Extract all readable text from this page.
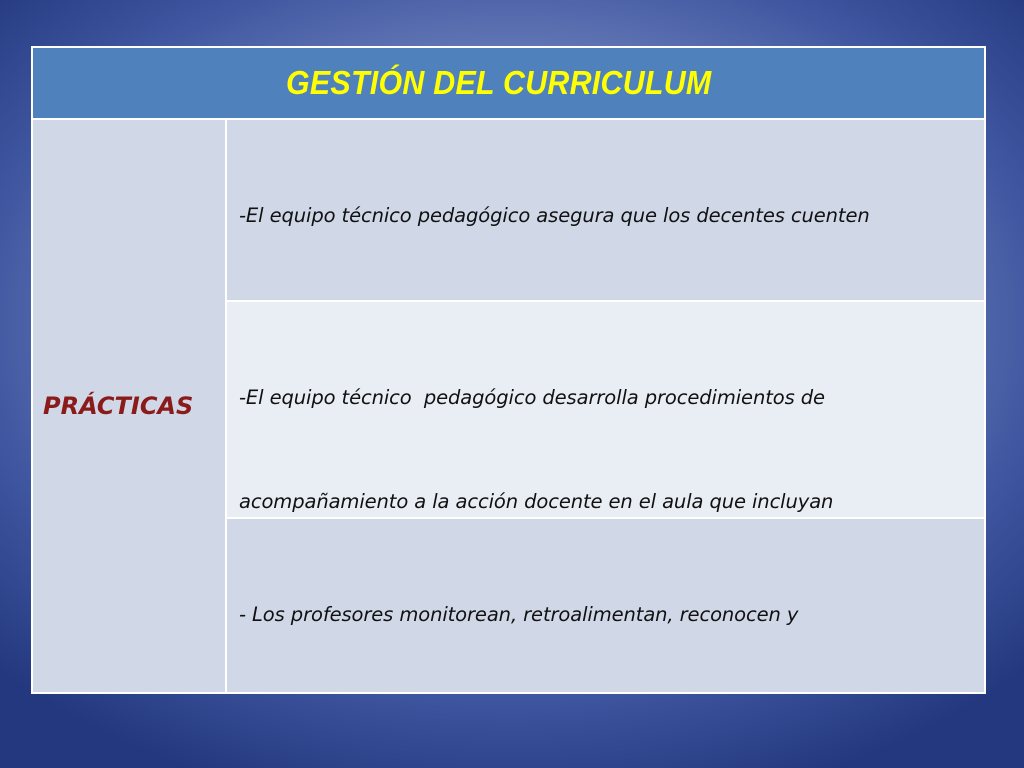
GESTIÓN DEL CURRICULUM
PRÁCTICAS

-El equipo técnico pedagógico asegura que los decentes cuenten

-El equipo técnico  pedagógico desarrolla procedimientos de

acompañamiento a la acción docente en el aula que incluyan

- Los profesores monitorean, retroalimentan, reconocen y
